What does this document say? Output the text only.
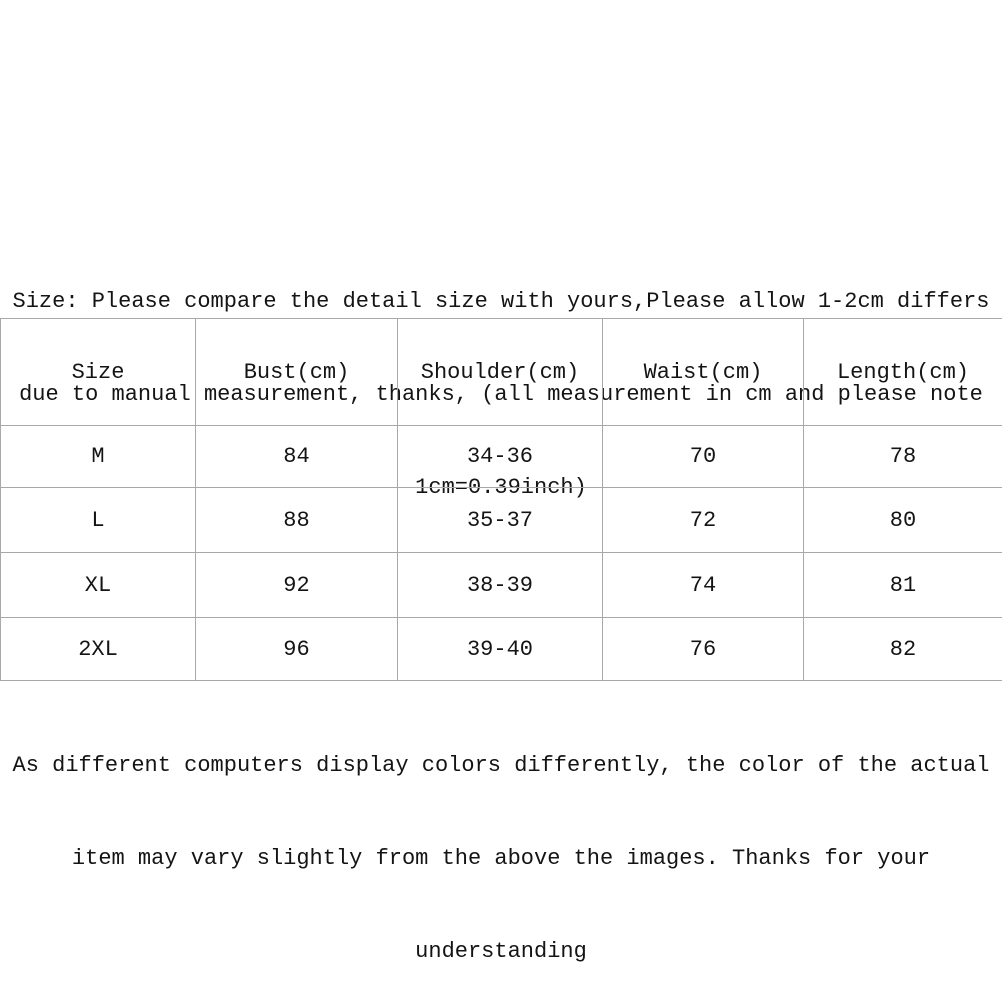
Size: Please compare the detail size with yours,Please allow 1-2cm differs

due to manual measurement, thanks, (all measurement in cm and please note

1cm=0.39inch)

Size	Bust(cm)	Shoulder(cm)	Waist(cm)	Length(cm)
M	84	34-36	70	78
L	88	35-37	72	80
XL	92	38-39	74	81
2XL	96	39-40	76	82

As different computers display colors differently, the color of the actual

item may vary slightly from the above the images. Thanks for your

understanding
